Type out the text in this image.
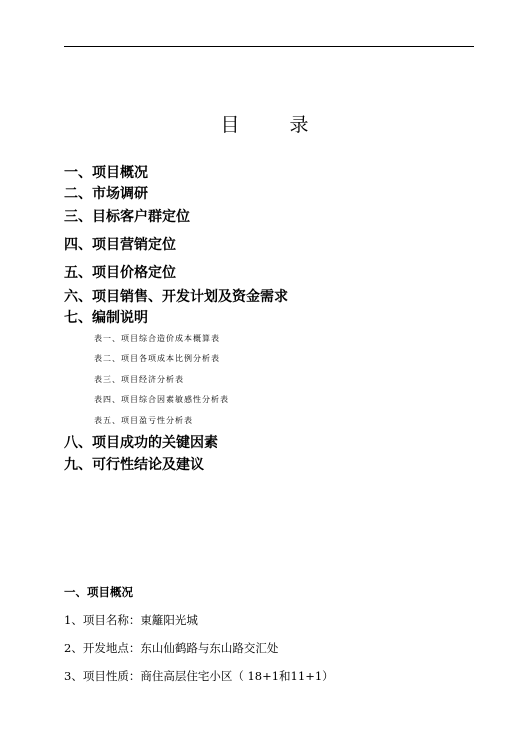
目 录
一、项目概况
二、市场调研
三、目标客户群定位
四、项目营销定位
五、项目价格定位
六、项目销售、开发计划及资金需求
七、编制说明
表一、项目综合造价成本概算表
表二、项目各项成本比例分析表
表三、项目经济分析表
表四、项目综合因素敏感性分析表
表五、项目盈亏性分析表
八、项目成功的关键因素
九、可行性结论及建议
一、项目概况
1、项目名称：東籬阳光城
2、开发地点：东山仙鹤路与东山路交汇处
3、项目性质：商住高层住宅小区（ 18+1和11+1）
